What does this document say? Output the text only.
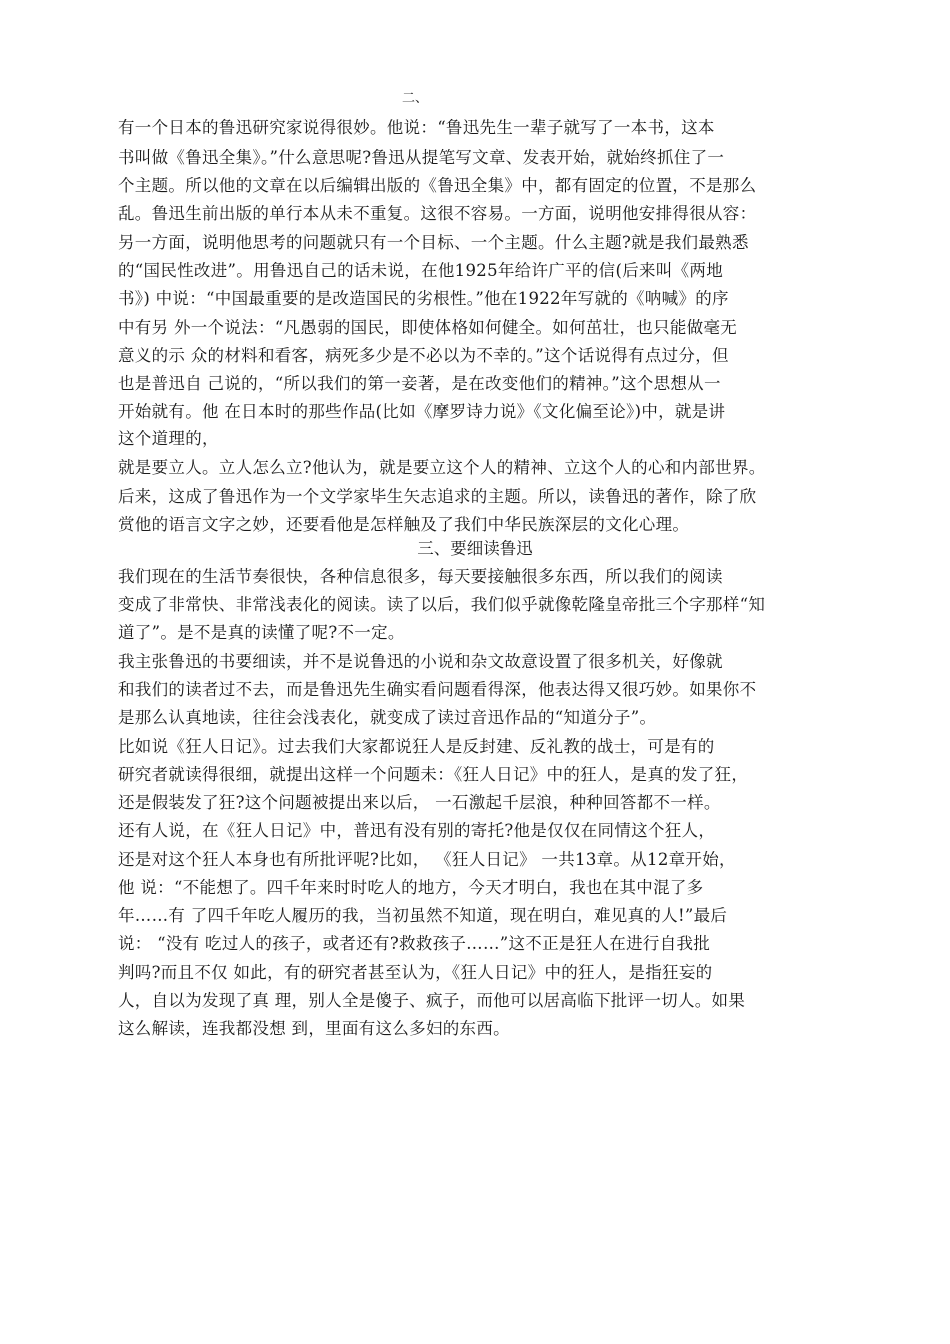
二、
有一个日本的鲁迅研究家说得很妙。他说：“鲁迅先生一辈子就写了一本书，这本
书叫做《鲁迅全集》。”什么意思呢?鲁迅从提笔写文章、发表开始，就始终抓住了一
个主题。所以他的文章在以后编辑出版的《鲁迅全集》中，都有固定的位置，不是那么
乱。鲁迅生前出版的单行本从未不重复。这很不容易。一方面，说明他安排得很从容：
另一方面，说明他思考的问题就只有一个目标、一个主题。什么主题?就是我们最熟悉
的“国民性改进”。用鲁迅自己的话未说，在他1925年给许广平的信(后来叫《两地
书》) 中说：“中国最重要的是改造国民的劣根性。”他在1922年写就的《呐喊》的序
中有另 外一个说法：“凡愚弱的国民，即使体格如何健全。如何茁壮，也只能做毫无
意义的示 众的材料和看客，病死多少是不必以为不幸的。”这个话说得有点过分，但
也是普迅自 己说的，“所以我们的第一妾著，是在改变他们的精神。”这个思想从一
开始就有。他 在日本时的那些作品(比如《摩罗诗力说》《文化偏至论》)中，就是讲
这个道理的，
就是要立人。立人怎么立?他认为，就是要立这个人的精神、立这个人的心和内部世界。
后来，这成了鲁迅作为一个文学家毕生矢志追求的主题。所以，读鲁迅的著作，除了欣
赏他的语言文字之妙，还要看他是怎样触及了我们中华民族深层的文化心理。
三、要细读鲁迅
我们现在的生活节奏很快，各种信息很多，每天要接触很多东西，所以我们的阅读
变成了非常快、非常浅表化的阅读。读了以后，我们似乎就像乾隆皇帝批三个字那样“知
道了”。是不是真的读懂了呢?不一定。
我主张鲁迅的书要细读，并不是说鲁迅的小说和杂文故意设置了很多机关，好像就
和我们的读者过不去，而是鲁迅先生确实看问题看得深，他表达得又很巧妙。如果你不
是那么认真地读，往往会浅表化，就变成了读过音迅作品的“知道分子”。
比如说《狂人日记》。过去我们大家都说狂人是反封建、反礼教的战士，可是有的
研究者就读得很细，就提出这样一个问题未：《狂人日记》中的狂人，是真的发了狂，
还是假装发了狂?这个问题被提出来以后， 一石激起千层浪，种种回答都不一样。
还有人说，在《狂人日记》中，普迅有没有别的寄托?他是仅仅在同情这个狂人，
还是对这个狂人本身也有所批评呢?比如， 《狂人日记》 一共13章。从12章开始，
他 说：“不能想了。四千年来时时吃人的地方，今天才明白，我也在其中混了多
年……有 了四千年吃人履历的我，当初虽然不知道，现在明白，难见真的人!”最后
说： “没有 吃过人的孩子，或者还有?救救孩子……”这不正是狂人在进行自我批
判吗?而且不仅 如此，有的研究者甚至认为，《狂人日记》中的狂人，是指狂妄的
人，自以为发现了真 理，别人全是傻子、疯子，而他可以居高临下批评一切人。如果
这么解读，连我都没想 到，里面有这么多妇的东西。
